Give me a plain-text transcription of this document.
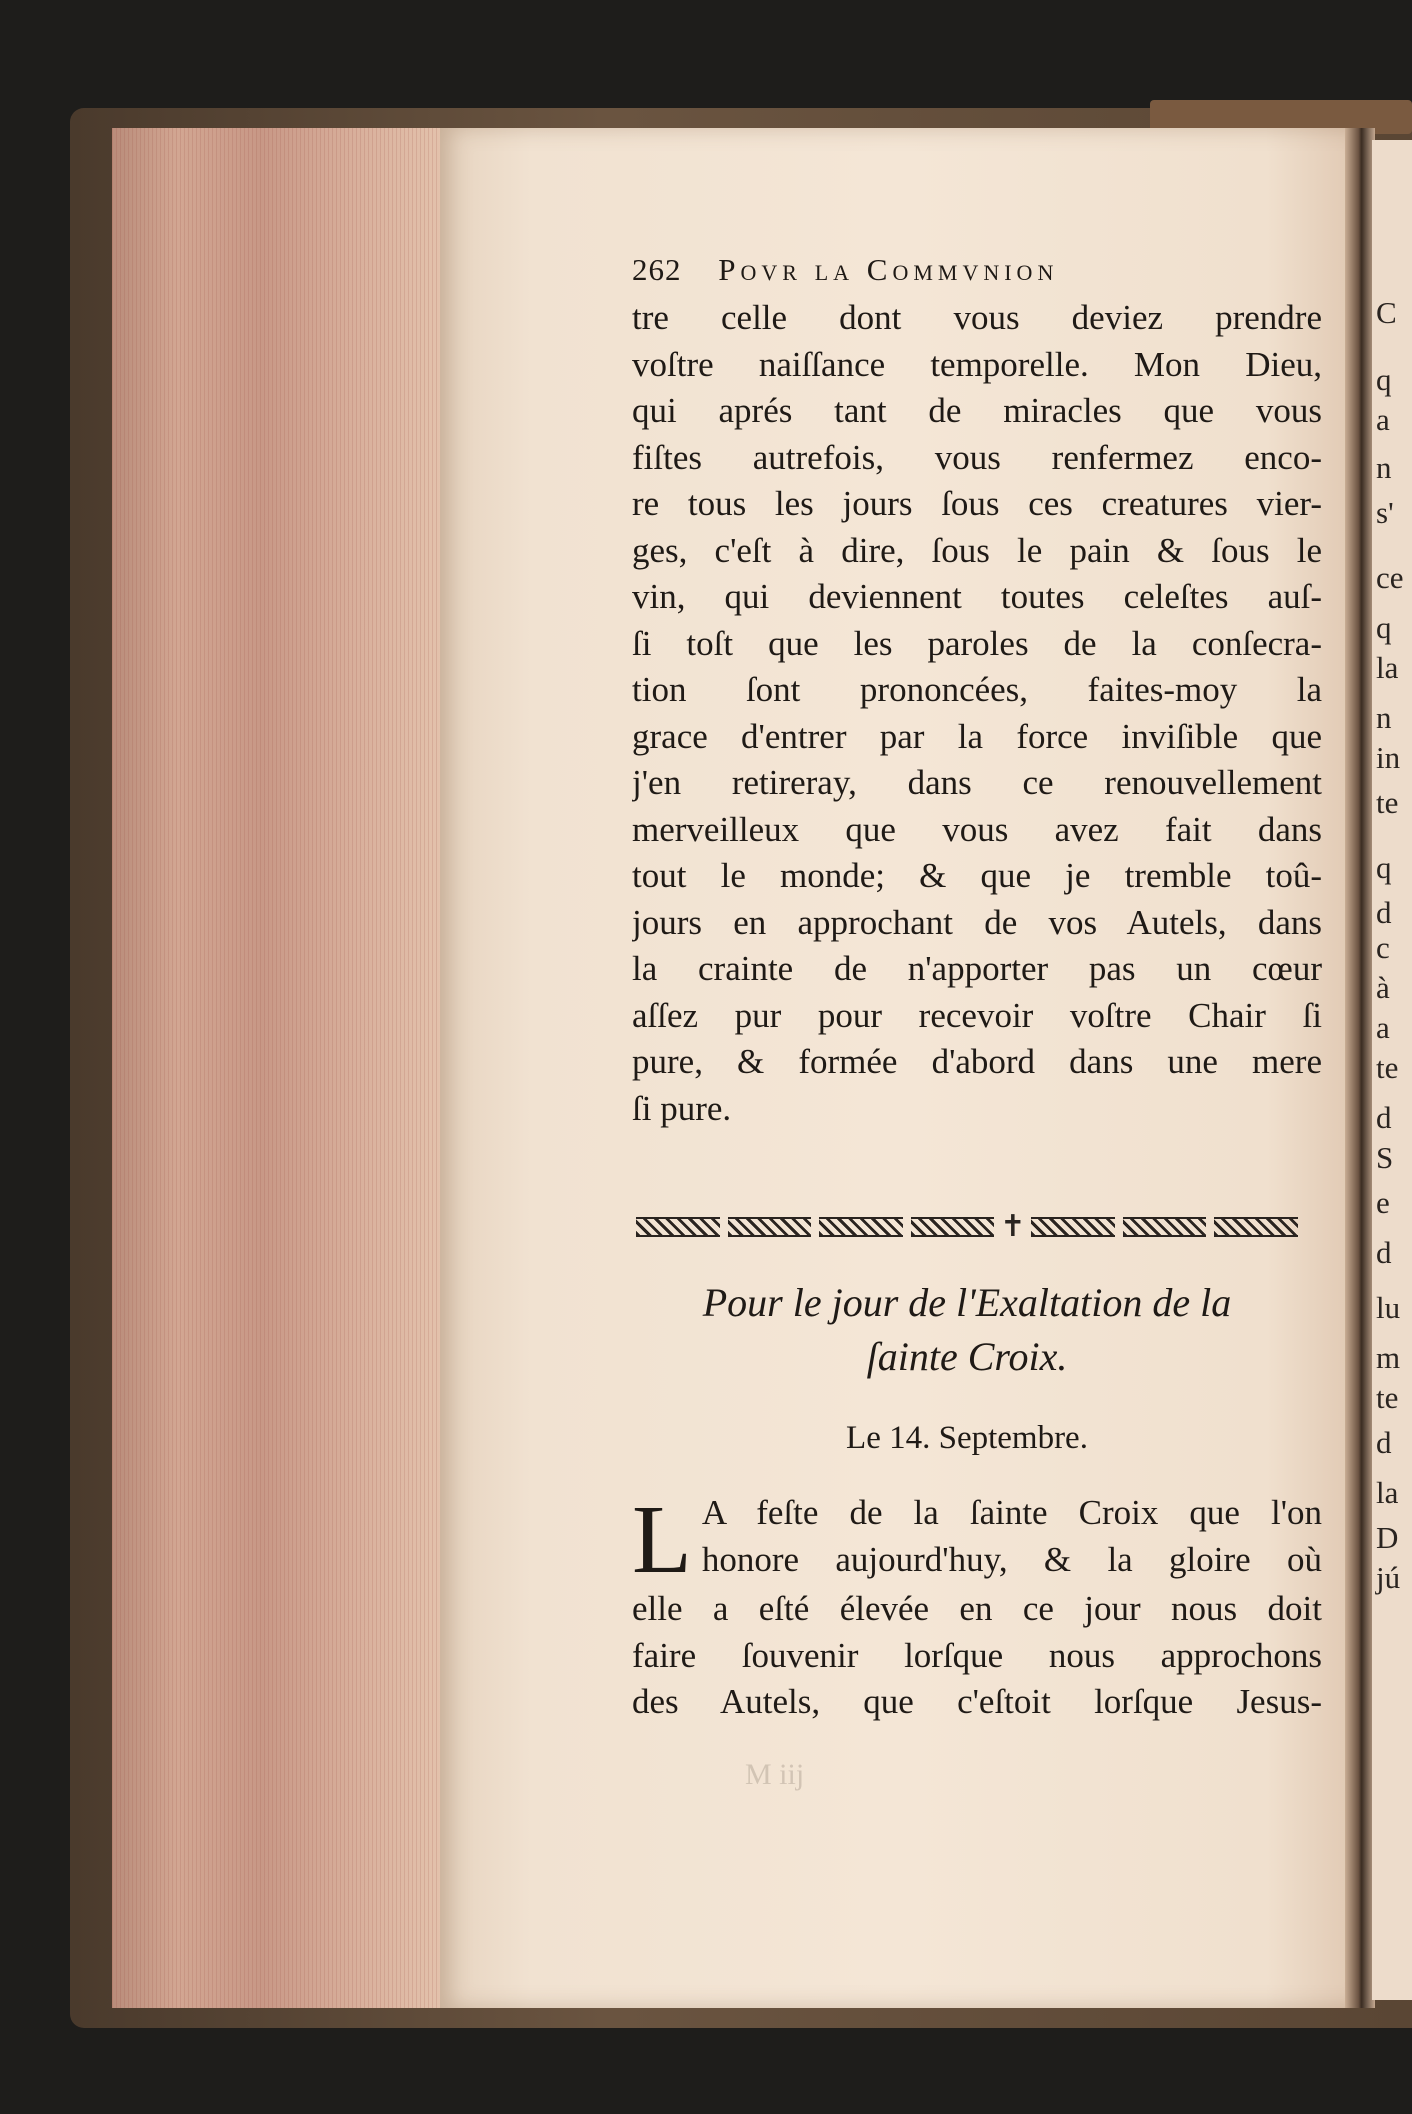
262 Povr la Commvnion
tre celle dont vous deviez prendre
voſtre naiſſance temporelle. Mon Dieu,
qui aprés tant de miracles que vous
fiſtes autrefois, vous renfermez enco-
re tous les jours ſous ces creatures vier-
ges, c'eſt à dire, ſous le pain & ſous le
vin, qui deviennent toutes celeſtes auſ-
ſi toſt que les paroles de la conſecra-
tion ſont prononcées, faites-moy la
grace d'entrer par la force inviſible que
j'en retireray, dans ce renouvellement
merveilleux que vous avez fait dans
tout le monde; & que je tremble toû-
jours en approchant de vos Autels, dans
la crainte de n'apporter pas un cœur
aſſez pur pour recevoir voſtre Chair ſi
pure, & formée d'abord dans une mere
ſi pure.
✝
Pour le jour de l'Exaltation de la
ſainte Croix.
Le 14. Septembre.
L A feſte de la ſainte Croix que l'on
honore aujourd'huy, & la gloire où
elle a eſté élevée en ce jour nous doit
faire ſouvenir lorſque nous approchons
des Autels, que c'eſtoit lorſque Jesus-
M iij
C
q
a
n
s'
ce
q
la
n
in
te
q
d
c
à
a
te
d
S
e
d
lu
m
te
d
la
D
jú
